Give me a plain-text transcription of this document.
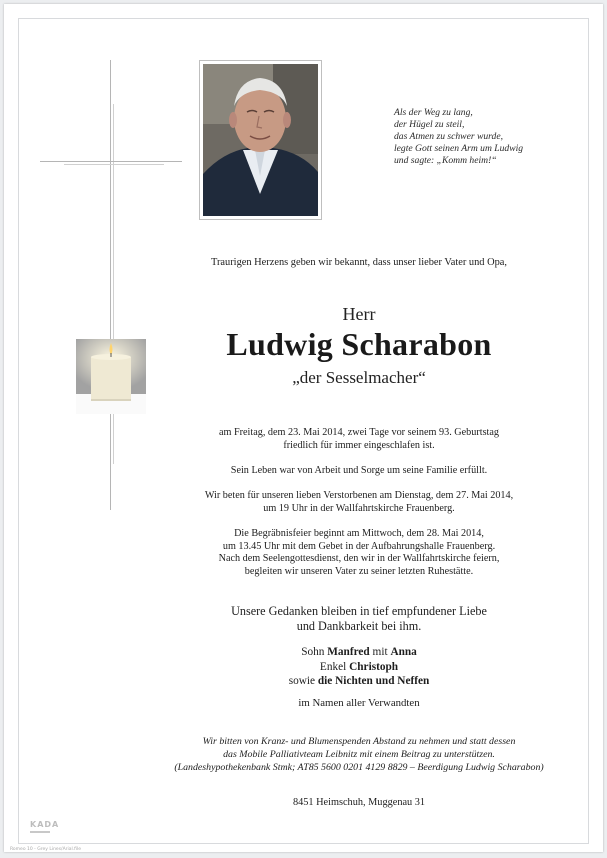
Als der Weg zu lang,
der Hügel zu steil,
das Atmen zu schwer wurde,
legte Gott seinen Arm um Ludwig
und sagte: „Komm heim!“
Traurigen Herzens geben wir bekannt, dass unser lieber Vater und Opa,
Herr
Ludwig Scharabon
„der Sesselmacher“
am Freitag, dem 23. Mai 2014, zwei Tage vor seinem 93. Geburtstag
friedlich für immer eingeschlafen ist.
Sein Leben war von Arbeit und Sorge um seine Familie erfüllt.
Wir beten für unseren lieben Verstorbenen am Dienstag, dem 27. Mai 2014,
um 19 Uhr in der Wallfahrtskirche Frauenberg.
Die Begräbnisfeier beginnt am Mittwoch, dem 28. Mai 2014,
um 13.45 Uhr mit dem Gebet in der Aufbahrungshalle Frauenberg.
Nach dem Seelengottesdienst, den wir in der Wallfahrtskirche feiern,
begleiten wir unseren Vater zu seiner letzten Ruhestätte.
Unsere Gedanken bleiben in tief empfundener Liebe
und Dankbarkeit bei ihm.
Sohn Manfred mit Anna
Enkel Christoph
sowie die Nichten und Neffen
im Namen aller Verwandten
Wir bitten von Kranz- und Blumenspenden Abstand zu nehmen und statt dessen
das Mobile Palliativteam Leibnitz mit einem Beitrag zu unterstützen.
(Landeshypothekenbank Stmk; AT85 5600 0201 4129 8829 – Beerdigung Ludwig Scharabon)
8451 Heimschuh, Muggenau 31
KADA
Romeo 10 - Grey Lines/Arial.file
